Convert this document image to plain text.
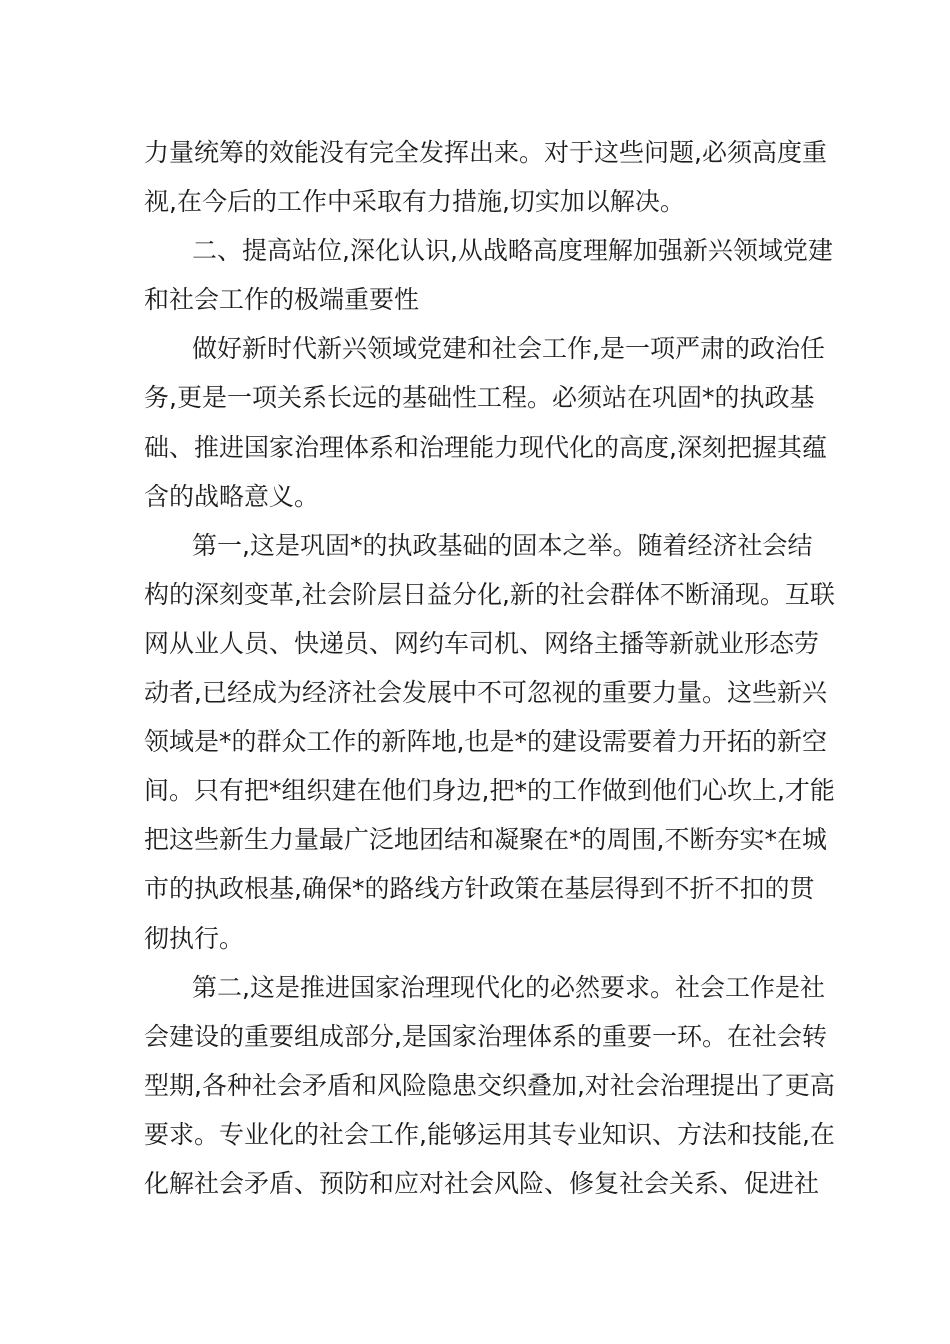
力量统筹的效能没有完全发挥出来。对于这些问题,必须高度重
视,在今后的工作中采取有力措施,切实加以解决。
二、提高站位,深化认识,从战略高度理解加强新兴领域党建
和社会工作的极端重要性
做好新时代新兴领域党建和社会工作,是一项严肃的政治任
务,更是一项关系长远的基础性工程。必须站在巩固*的执政基
础、推进国家治理体系和治理能力现代化的高度,深刻把握其蕴
含的战略意义。
第一,这是巩固*的执政基础的固本之举。随着经济社会结
构的深刻变革,社会阶层日益分化,新的社会群体不断涌现。互联
网从业人员、快递员、网约车司机、网络主播等新就业形态劳
动者,已经成为经济社会发展中不可忽视的重要力量。这些新兴
领域是*的群众工作的新阵地,也是*的建设需要着力开拓的新空
间。只有把*组织建在他们身边,把*的工作做到他们心坎上,才能
把这些新生力量最广泛地团结和凝聚在*的周围,不断夯实*在城
市的执政根基,确保*的路线方针政策在基层得到不折不扣的贯
彻执行。
第二,这是推进国家治理现代化的必然要求。社会工作是社
会建设的重要组成部分,是国家治理体系的重要一环。在社会转
型期,各种社会矛盾和风险隐患交织叠加,对社会治理提出了更高
要求。专业化的社会工作,能够运用其专业知识、方法和技能,在
化解社会矛盾、预防和应对社会风险、修复社会关系、促进社
